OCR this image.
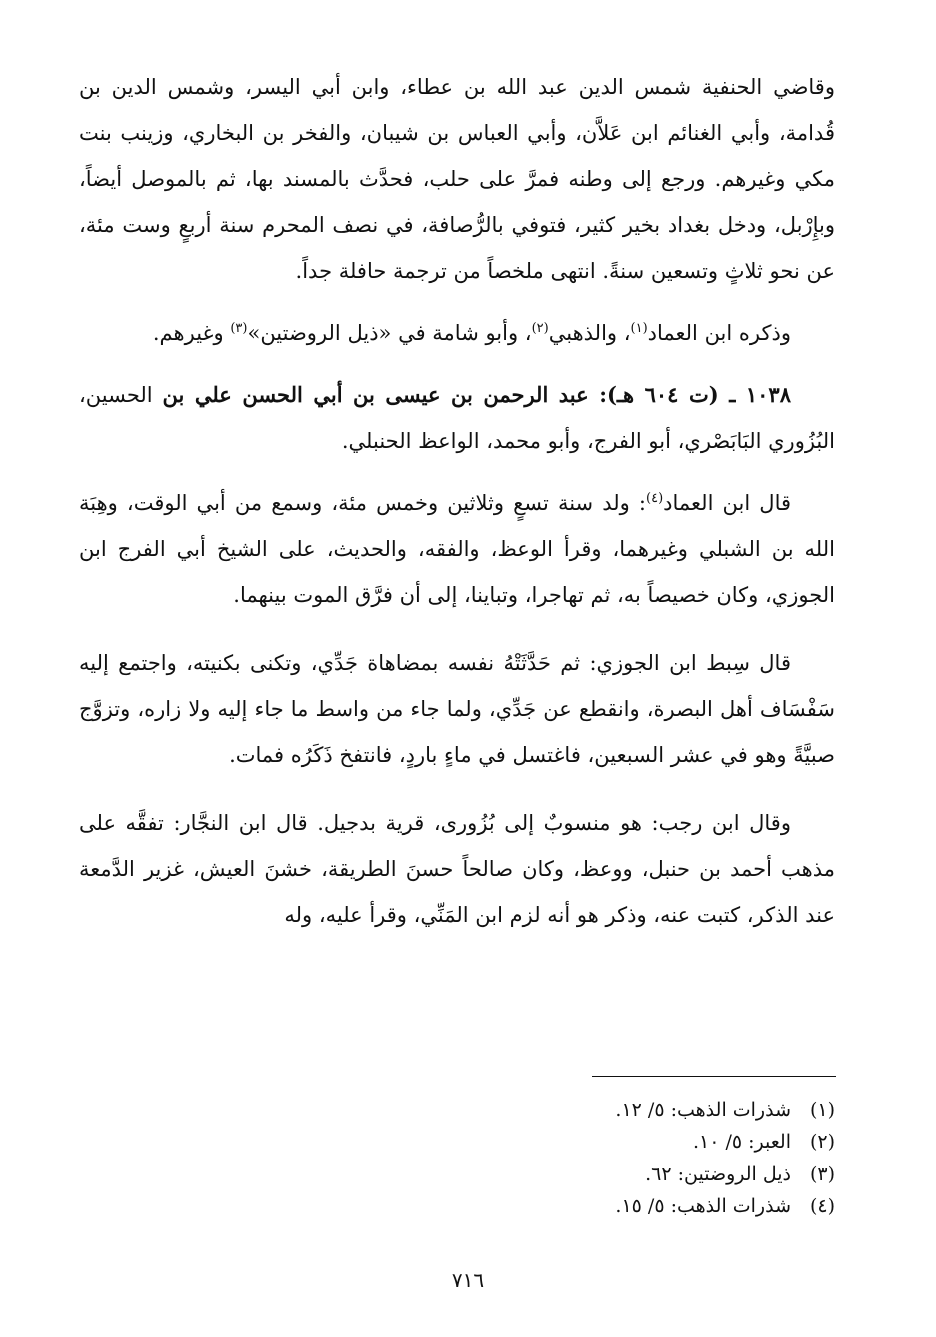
وقاضي الحنفية شمس الدين عبد الله بن عطاء، وابن أبي اليسر، وشمس الدين بن قُدامة، وأبي الغنائم ابن عَلاَّن، وأبي العباس بن شيبان، والفخر بن البخاري، وزينب بنت مكي وغيرهم. ورجع إلى وطنه فمرَّ على حلب، فحدَّث بالمسند بها، ثم بالموصل أيضاً، وبإِرْبل، ودخل بغداد بخير كثير، فتوفي بالرُّصافة، في نصف المحرم سنة أربعٍ وست مئة، عن نحو ثلاثٍ وتسعين سنةً. انتهى ملخصاً من ترجمة حافلة جداً.

وذكره ابن العماد$^{(١)}$، والذهبي$^{(٢)}$، وأبو شامة في «ذيل الروضتين»$^{(٣)}$ وغيرهم.

١٠٣٨ ـ (ت ٦٠٤ هـ): عبد الرحمن بن عيسى بن أبي الحسن علي بن الحسين، البُزُوري البَابَصْري، أبو الفرج، وأبو محمد، الواعظ الحنبلي.

قال ابن العماد$^{(٤)}$: ولد سنة تسعٍ وثلاثين وخمس مئة، وسمع من أبي الوقت، وهِبَة الله بن الشبلي وغيرهما، وقرأ الوعظ، والفقه، والحديث، على الشيخ أبي الفرج ابن الجوزي، وكان خصيصاً به، ثم تهاجرا، وتباينا، إلى أن فرَّق الموت بينهما.

قال سِبط ابن الجوزي: ثم حَدَّثَتْهُ نفسه بمضاهاة جَدِّي، وتكنى بكنيته، واجتمع إليه سَفْسَاف أهل البصرة، وانقطع عن جَدِّي، ولما جاء من واسط ما جاء إليه ولا زاره، وتزوَّج صبيَّةً وهو في عشر السبعين، فاغتسل في ماءٍ باردٍ، فانتفخ ذَكَرُه فمات.

وقال ابن رجب: هو منسوبٌ إلى بُزُورى، قرية بدجيل. قال ابن النجَّار: تفقَّه على مذهب أحمد بن حنبل، ووعظ، وكان صالحاً حسنَ الطريقة، خشنَ العيش، غزير الدَّمعة عند الذكر، كتبت عنه، وذكر هو أنه لزم ابن المَنِّي، وقرأ عليه، وله

(١)
شذرات الذهب: ٥/ ١٢.
(٢)
العبر: ٥/ ١٠.
(٣)
ذيل الروضتين: ٦٢.
(٤)
شذرات الذهب: ٥/ ١٥.
٧١٦
